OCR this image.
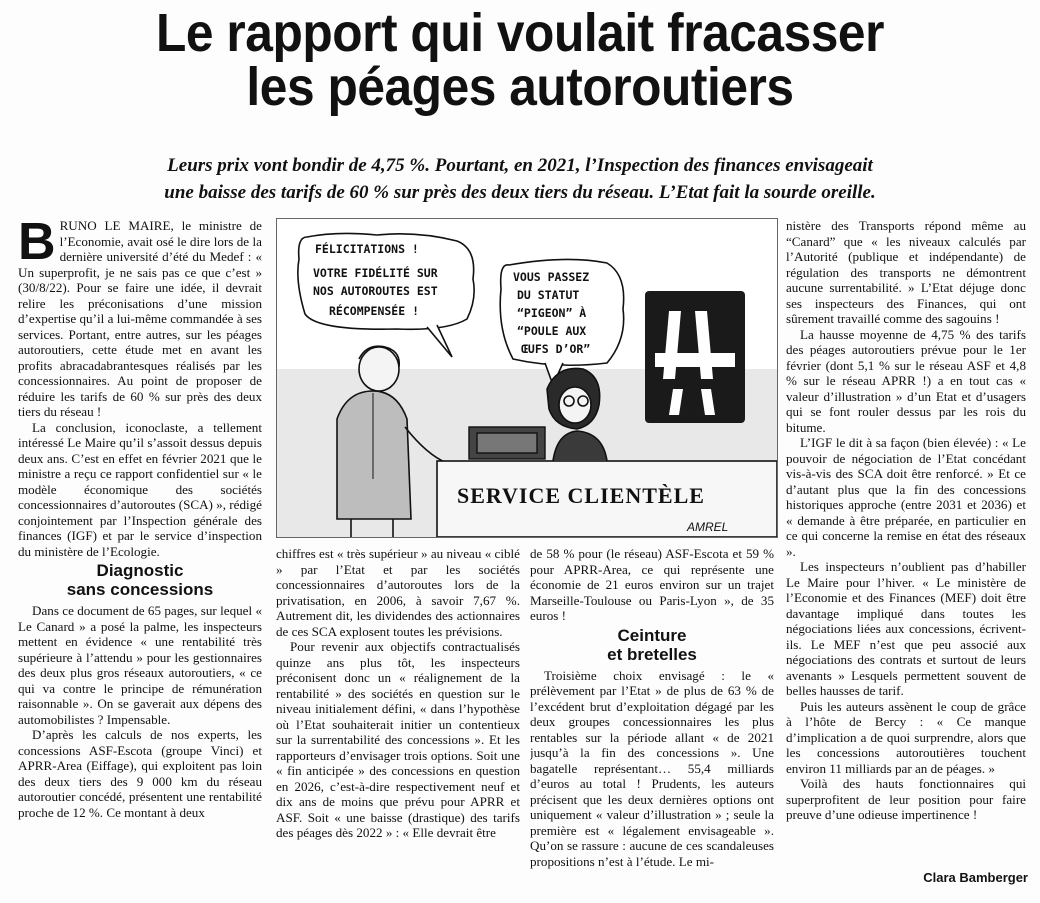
Le rapport qui voulait fracasser
les péages autoroutiers
Leurs prix vont bondir de 4,75 %. Pourtant, en 2021, l’Inspection des finances envisageait
une baisse des tarifs de 60 % sur près des deux tiers du réseau. L’Etat fait la sourde oreille.

BRUNO LE MAIRE, le ministre de l’Economie, avait osé le dire lors de la dernière université d’été du Medef : « Un superprofit, je ne sais pas ce que c’est » (30/8/22). Pour se faire une idée, il devrait relire les préconisations d’une mission d’expertise qu’il a lui-même commandée à ses services. Portant, entre autres, sur les péages autoroutiers, cette étude met en avant les profits abracadabrantesques réalisés par les concessionnaires. Au point de proposer de réduire les tarifs de 60 % sur près des deux tiers du réseau !

La conclusion, iconoclaste, a tellement intéressé Le Maire qu’il s’assoit dessus depuis deux ans. C’est en effet en février 2021 que le ministre a reçu ce rapport confidentiel sur « le modèle économique des sociétés concessionnaires d’autoroutes (SCA) », rédigé conjointement par l’Inspection générale des finances (IGF) et par le service d’inspection du ministère de l’Ecologie.

Diagnostic
sans concessions

Dans ce document de 65 pages, sur lequel « Le Canard » a posé la palme, les inspecteurs mettent en évidence « une rentabilité très supérieure à l’attendu » pour les gestionnaires des deux plus gros réseaux autoroutiers, « ce qui va contre le principe de rémunération raisonnable ». On se gaverait aux dépens des automobilistes ? Impensable.

D’après les calculs de nos experts, les concessions ASF-Escota (groupe Vinci) et APRR-Area (Eiffage), qui exploitent pas loin des deux tiers des 9 000 km du réseau autoroutier concédé, présentent une rentabilité proche de 12 %. Ce montant à deux

FÉLICITATIONS !
VOTRE FIDÉLITÉ SUR
NOS AUTOROUTES EST
RÉCOMPENSÉE !
VOUS PASSEZ
DU STATUT
“PIGEON” À
“POULE AUX
ŒUFS D’OR”
SERVICE CLIENTÈLE
AMREL

chiffres est « très supérieur » au niveau « ciblé » par l’Etat et par les sociétés concessionnaires d’autoroutes lors de la privatisation, en 2006, à savoir 7,67 %. Autrement dit, les dividendes des actionnaires de ces SCA explosent toutes les prévisions.

Pour revenir aux objectifs contractualisés quinze ans plus tôt, les inspecteurs préconisent donc un « réalignement de la rentabilité » des sociétés en question sur le niveau initialement défini, « dans l’hypothèse où l’Etat souhaiterait initier un contentieux sur la surrentabilité des concessions ». Et les rapporteurs d’envisager trois options. Soit une « fin anticipée » des concessions en question en 2026, c’est-à-dire respectivement neuf et dix ans de moins que prévu pour APRR et ASF. Soit « une baisse (drastique) des tarifs des péages dès 2022 » : « Elle devrait être

de 58 % pour (le réseau) ASF-Escota et 59 % pour APRR-Area, ce qui représente une économie de 21 euros environ sur un trajet Marseille-Toulouse ou Paris-Lyon », de 35 euros !

Ceinture
et bretelles

Troisième choix envisagé : le « prélèvement par l’Etat » de plus de 63 % de l’excédent brut d’exploitation dégagé par les deux groupes concessionnaires les plus rentables sur la période allant « de 2021 jusqu’à la fin des concessions ». Une bagatelle représentant… 55,4 milliards d’euros au total ! Prudents, les auteurs précisent que les deux dernières options ont uniquement « valeur d’illustration » ; seule la première est « légalement envisageable ». Qu’on se rassure : aucune de ces scandaleuses propositions n’est à l’étude. Le mi-

nistère des Transports répond même au “Canard” que « les niveaux calculés par l’Autorité (publique et indépendante) de régulation des transports ne démontrent aucune surrentabilité. » L’Etat déjuge donc ses inspecteurs des Finances, qui ont sûrement travaillé comme des sagouins !

La hausse moyenne de 4,75 % des tarifs des péages autoroutiers prévue pour le 1er février (dont 5,1 % sur le réseau ASF et 4,8 % sur le réseau APRR !) a en tout cas « valeur d’illustration » d’un Etat et d’usagers qui se font rouler dessus par les rois du bitume.

L’IGF le dit à sa façon (bien élevée) : « Le pouvoir de négociation de l’Etat concédant vis-à-vis des SCA doit être renforcé. » Et ce d’autant plus que la fin des concessions historiques approche (entre 2031 et 2036) et « demande à être préparée, en particulier en ce qui concerne la remise en état des réseaux ».

Les inspecteurs n’oublient pas d’habiller Le Maire pour l’hiver. « Le ministère de l’Economie et des Finances (MEF) doit être davantage impliqué dans toutes les négociations liées aux concessions, écrivent-ils. Le MEF n’est que peu associé aux négociations des contrats et surtout de leurs avenants » Lesquels permettent souvent de belles hausses de tarif.

Puis les auteurs assènent le coup de grâce à l’hôte de Bercy : « Ce manque d’implication a de quoi surprendre, alors que les concessions autoroutières touchent environ 11 milliards par an de péages. »

Voilà des hauts fonctionnaires qui superprofitent de leur position pour faire preuve d’une odieuse impertinence !

Clara Bamberger
